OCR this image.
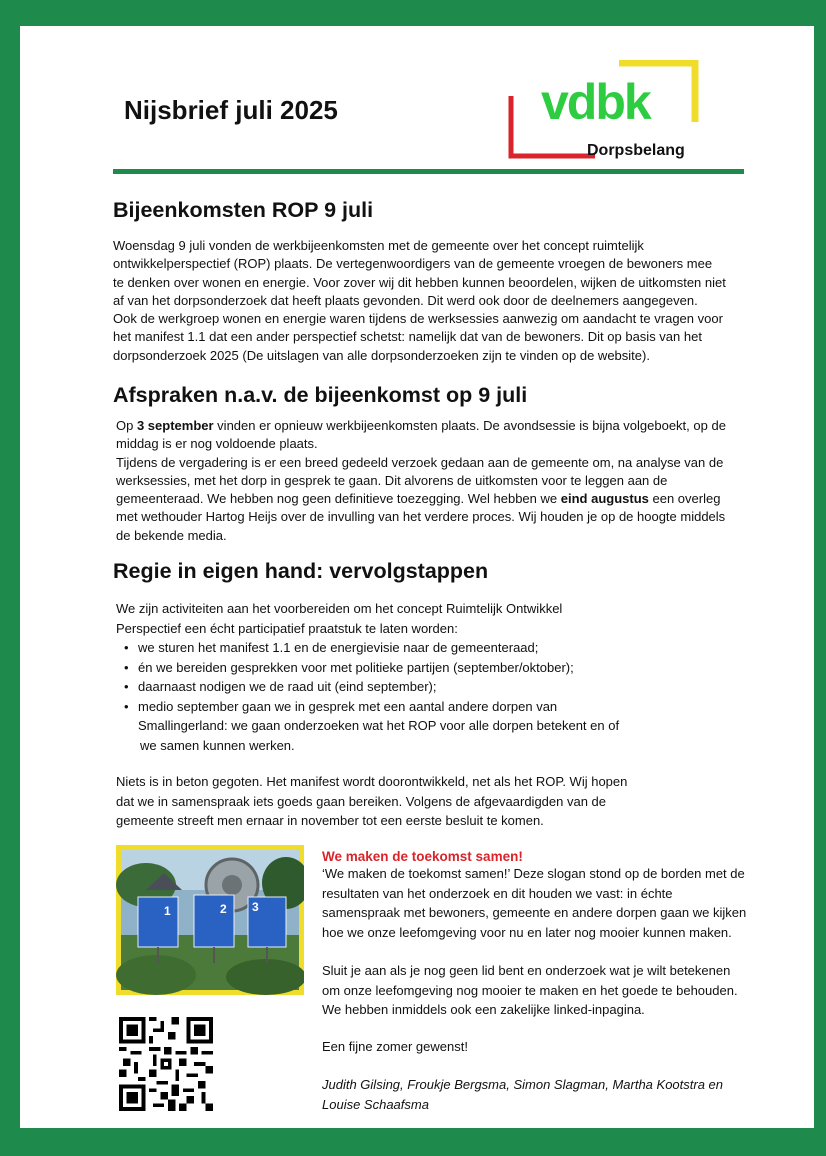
Nijsbrief juli 2025	vdbk
Dorpsbelang
Bijeenkomsten ROP 9 juli
Woensdag 9 juli vonden de werkbijeenkomsten met de gemeente over het concept ruimtelijk
ontwikkelperspectief (ROP) plaats. De vertegenwoordigers van de gemeente vroegen de bewoners mee
te denken over wonen en energie. Voor zover wij dit hebben kunnen beoordelen, wijken de uitkomsten niet
af van het dorpsonderzoek dat heeft plaats gevonden. Dit werd ook door de deelnemers aangegeven.
Ook de werkgroep wonen en energie waren tijdens de werksessies aanwezig om aandacht te vragen voor
het manifest 1.1 dat een ander perspectief schetst: namelijk dat van de bewoners. Dit op basis van het
dorpsonderzoek 2025 (De uitslagen van alle dorpsonderzoeken zijn te vinden op de website).
Afspraken n.a.v. de bijeenkomst op 9 juli
Op 3 september vinden er opnieuw werkbijeenkomsten plaats. De avondsessie is bijna volgeboekt, op de
middag is er nog voldoende plaats.
Tijdens de vergadering is er een breed gedeeld verzoek gedaan aan de gemeente om, na analyse van de
werksessies, met het dorp in gesprek te gaan. Dit alvorens de uitkomsten voor te leggen aan de
gemeenteraad. We hebben nog geen definitieve toezegging. Wel hebben we eind augustus een overleg
met wethouder Hartog Heijs over de invulling van het verdere proces. Wij houden je op de hoogte middels
de bekende media.
Regie in eigen hand: vervolgstappen
We zijn activiteiten aan het voorbereiden om het concept Ruimtelijk Ontwikkel
Perspectief een écht participatief praatstuk te laten worden:
• we sturen het manifest 1.1 en de energievisie naar de gemeenteraad;
• én we bereiden gesprekken voor met politieke partijen (september/oktober);
• daarnaast nodigen we de raad uit (eind september);
• medio september gaan we in gesprek met een aantal andere dorpen van
Smallingerland: we gaan onderzoeken wat het ROP voor alle dorpen betekent en of
we samen kunnen werken.
Niets is in beton gegoten. Het manifest wordt doorontwikkeld, net als het ROP. Wij hopen
dat we in samenspraak iets goeds gaan bereiken. Volgens de afgevaardigden van de
gemeente streeft men ernaar in november tot een eerste besluit te komen.
1	2 3
We maken de toekomst samen!
‘We maken de toekomst samen!’ Deze slogan stond op de borden met de
resultaten van het onderzoek en dit houden we vast: in échte
samenspraak met bewoners, gemeente en andere dorpen gaan we kijken
hoe we onze leefomgeving voor nu en later nog mooier kunnen maken.
Sluit je aan als je nog geen lid bent en onderzoek wat je wilt betekenen
om onze leefomgeving nog mooier te maken en het goede te behouden.
We hebben inmiddels ook een zakelijke linked-inpagina.
Een fijne zomer gewenst!
Judith Gilsing, Froukje Bergsma, Simon Slagman, Martha Kootstra en
Louise Schaafsma
